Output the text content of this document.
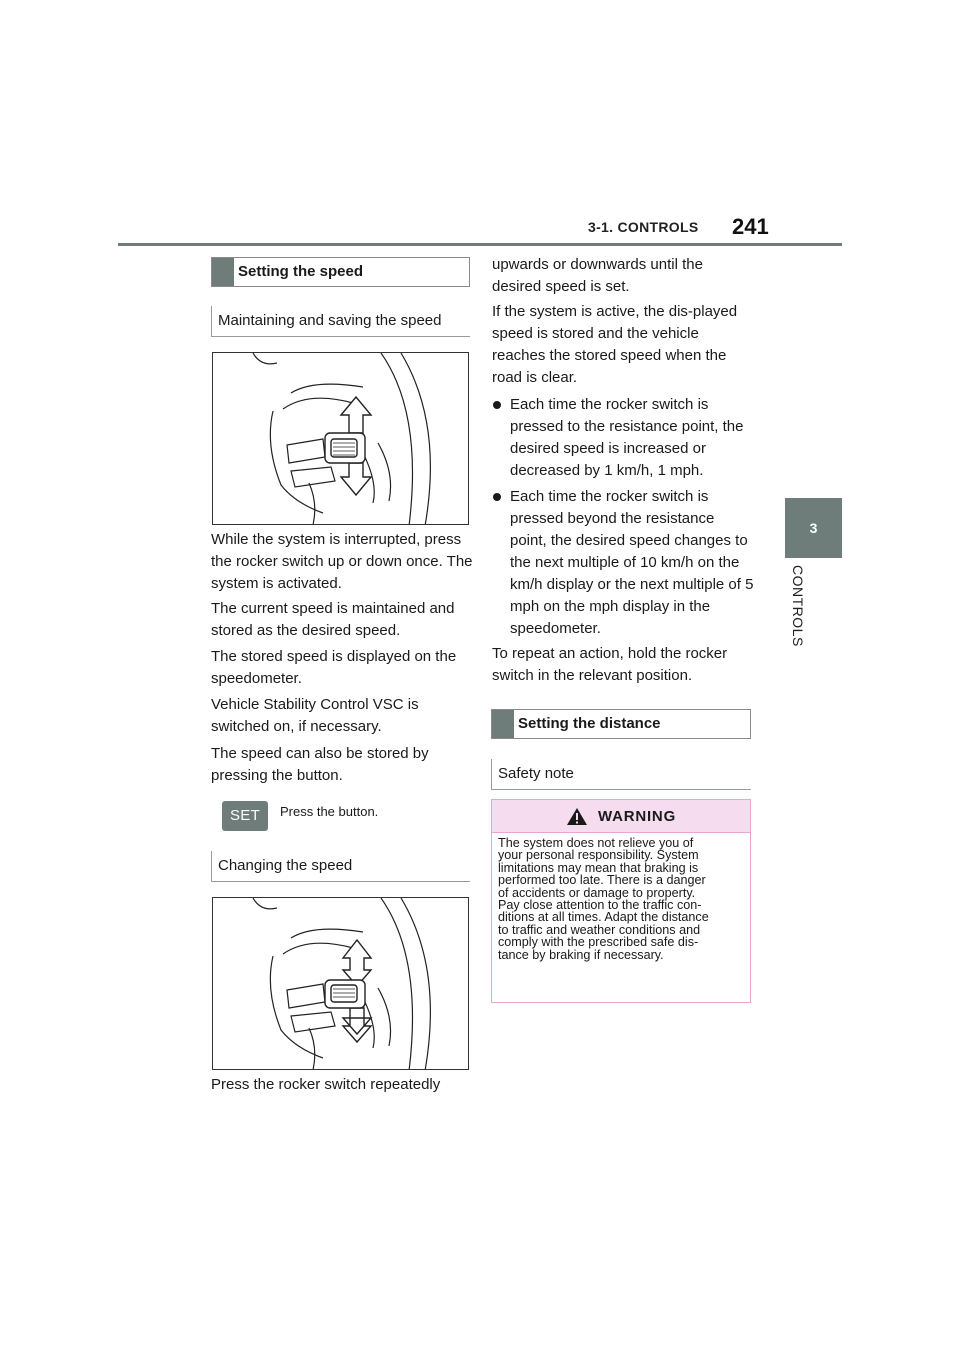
3-1. CONTROLS 241
3
CONTROLS
Setting the speed
Maintaining and saving the speed
While the system is interrupted, press the rocker switch up or down once. The system is activated.
The current speed is maintained and stored as the desired speed.
The stored speed is displayed on the speedometer.
Vehicle Stability Control VSC is switched on, if necessary.
The speed can also be stored by pressing the button.
SET	Press the button.
Changing the speed
Press the rocker switch repeatedly
upwards or downwards until the desired speed is set.
If the system is active, the dis-played speed is stored and the vehicle reaches the stored speed when the road is clear.
Each time the rocker switch is pressed to the resistance point, the desired speed is increased or decreased by 1 km/h, 1 mph.
Each time the rocker switch is pressed beyond the resistance point, the desired speed changes to the next multiple of 10 km/h on the km/h display or the next multiple of 5 mph on the mph display in the speedometer.
To repeat an action, hold the rocker switch in the relevant position.
Setting the distance
Safety note
WARNING
The system does not relieve you of
your personal responsibility. System
limitations may mean that braking is
performed too late. There is a danger
of accidents or damage to property.
Pay close attention to the traffic con-
ditions at all times. Adapt the distance
to traffic and weather conditions and
comply with the prescribed safe dis-
tance by braking if necessary.
